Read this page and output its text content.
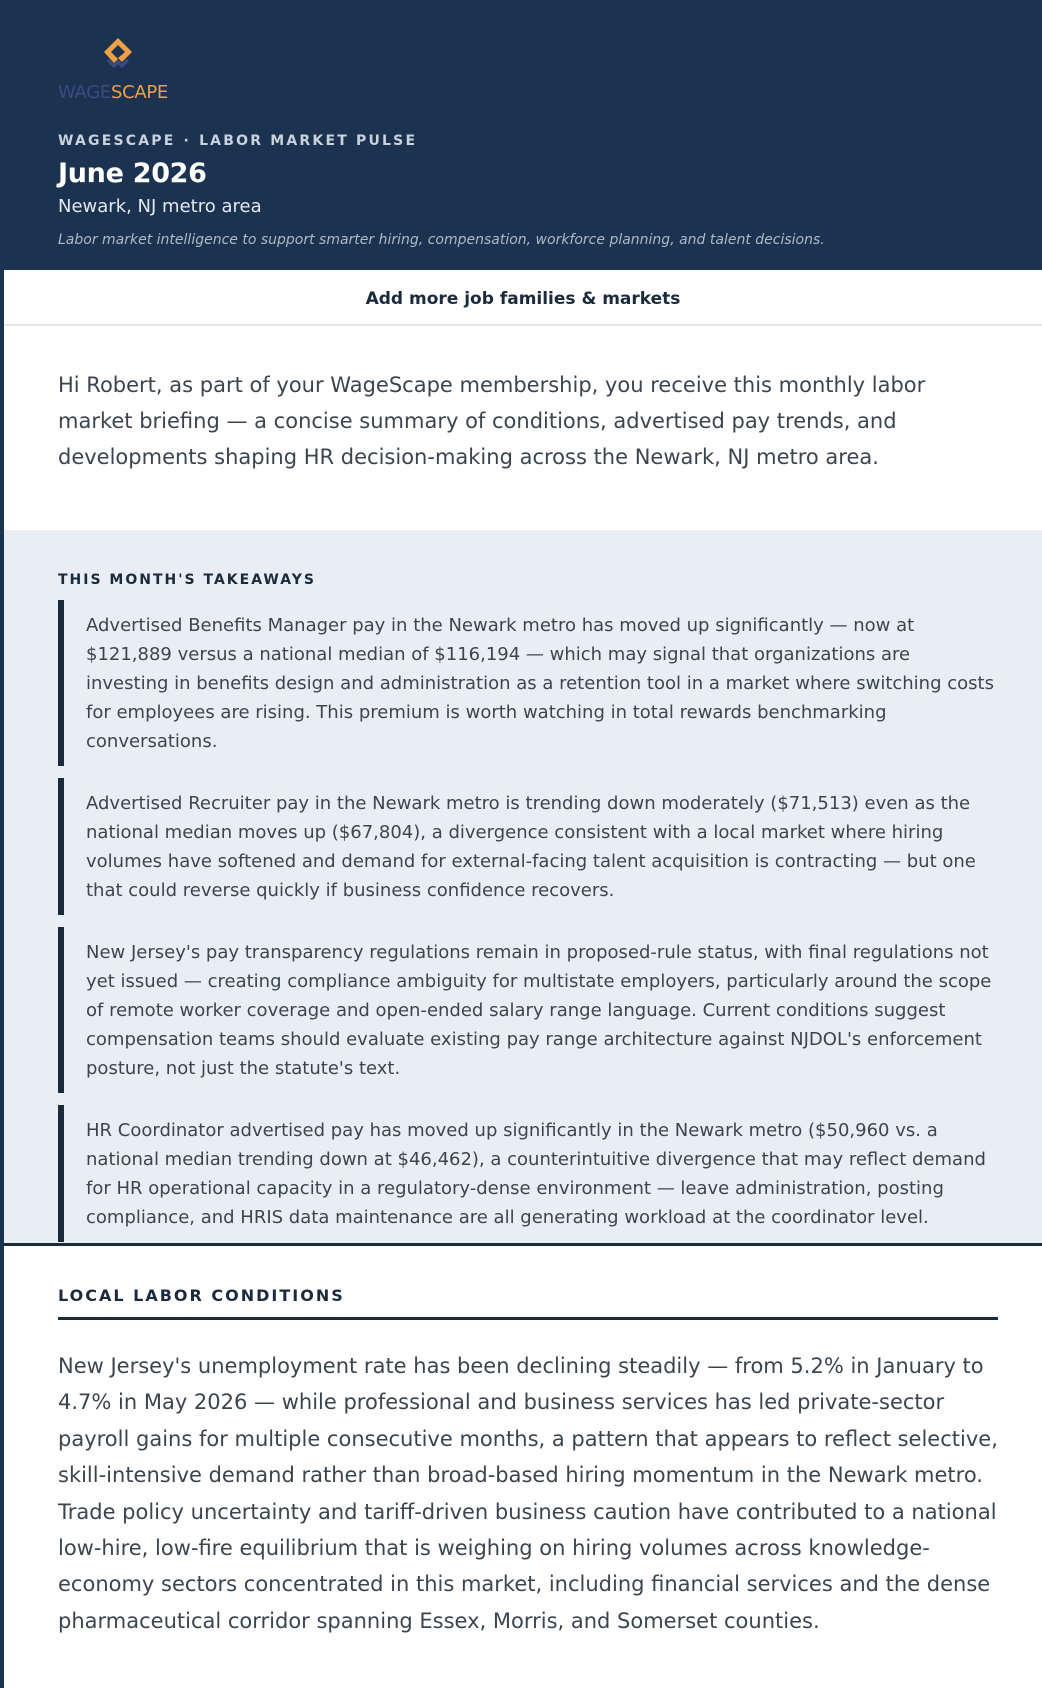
WAGESCAPE
WAGESCAPE · LABOR MARKET PULSE
June 2026
Newark, NJ metro area
Labor market intelligence to support smarter hiring, compensation, workforce planning, and talent decisions.
Add more job families & markets
Hi Robert, as part of your WageScape membership, you receive this monthly labor market briefing — a concise summary of conditions, advertised pay trends, and developments shaping HR decision-making across the Newark, NJ metro area.
THIS MONTH'S TAKEAWAYS
Advertised Benefits Manager pay in the Newark metro has moved up significantly — now at $121,889 versus a national median of $116,194 — which may signal that organizations are investing in benefits design and administration as a retention tool in a market where switching costs for employees are rising. This premium is worth watching in total rewards benchmarking conversations.
Advertised Recruiter pay in the Newark metro is trending down moderately ($71,513) even as the national median moves up ($67,804), a divergence consistent with a local market where hiring volumes have softened and demand for external-facing talent acquisition is contracting — but one that could reverse quickly if business confidence recovers.
New Jersey's pay transparency regulations remain in proposed-rule status, with final regulations not yet issued — creating compliance ambiguity for multistate employers, particularly around the scope of remote worker coverage and open-ended salary range language. Current conditions suggest compensation teams should evaluate existing pay range architecture against NJDOL's enforcement posture, not just the statute's text.
HR Coordinator advertised pay has moved up significantly in the Newark metro ($50,960 vs. a national median trending down at $46,462), a counterintuitive divergence that may reflect demand for HR operational capacity in a regulatory-dense environment — leave administration, posting compliance, and HRIS data maintenance are all generating workload at the coordinator level.
LOCAL LABOR CONDITIONS
New Jersey's unemployment rate has been declining steadily — from 5.2% in January to 4.7% in May 2026 — while professional and business services has led private-sector payroll gains for multiple consecutive months, a pattern that appears to reflect selective, skill-intensive demand rather than broad-based hiring momentum in the Newark metro. Trade policy uncertainty and tariff-driven business caution have contributed to a national low-hire, low-fire equilibrium that is weighing on hiring volumes across knowledge-economy sectors concentrated in this market, including financial services and the dense pharmaceutical corridor spanning Essex, Morris, and Somerset counties.
